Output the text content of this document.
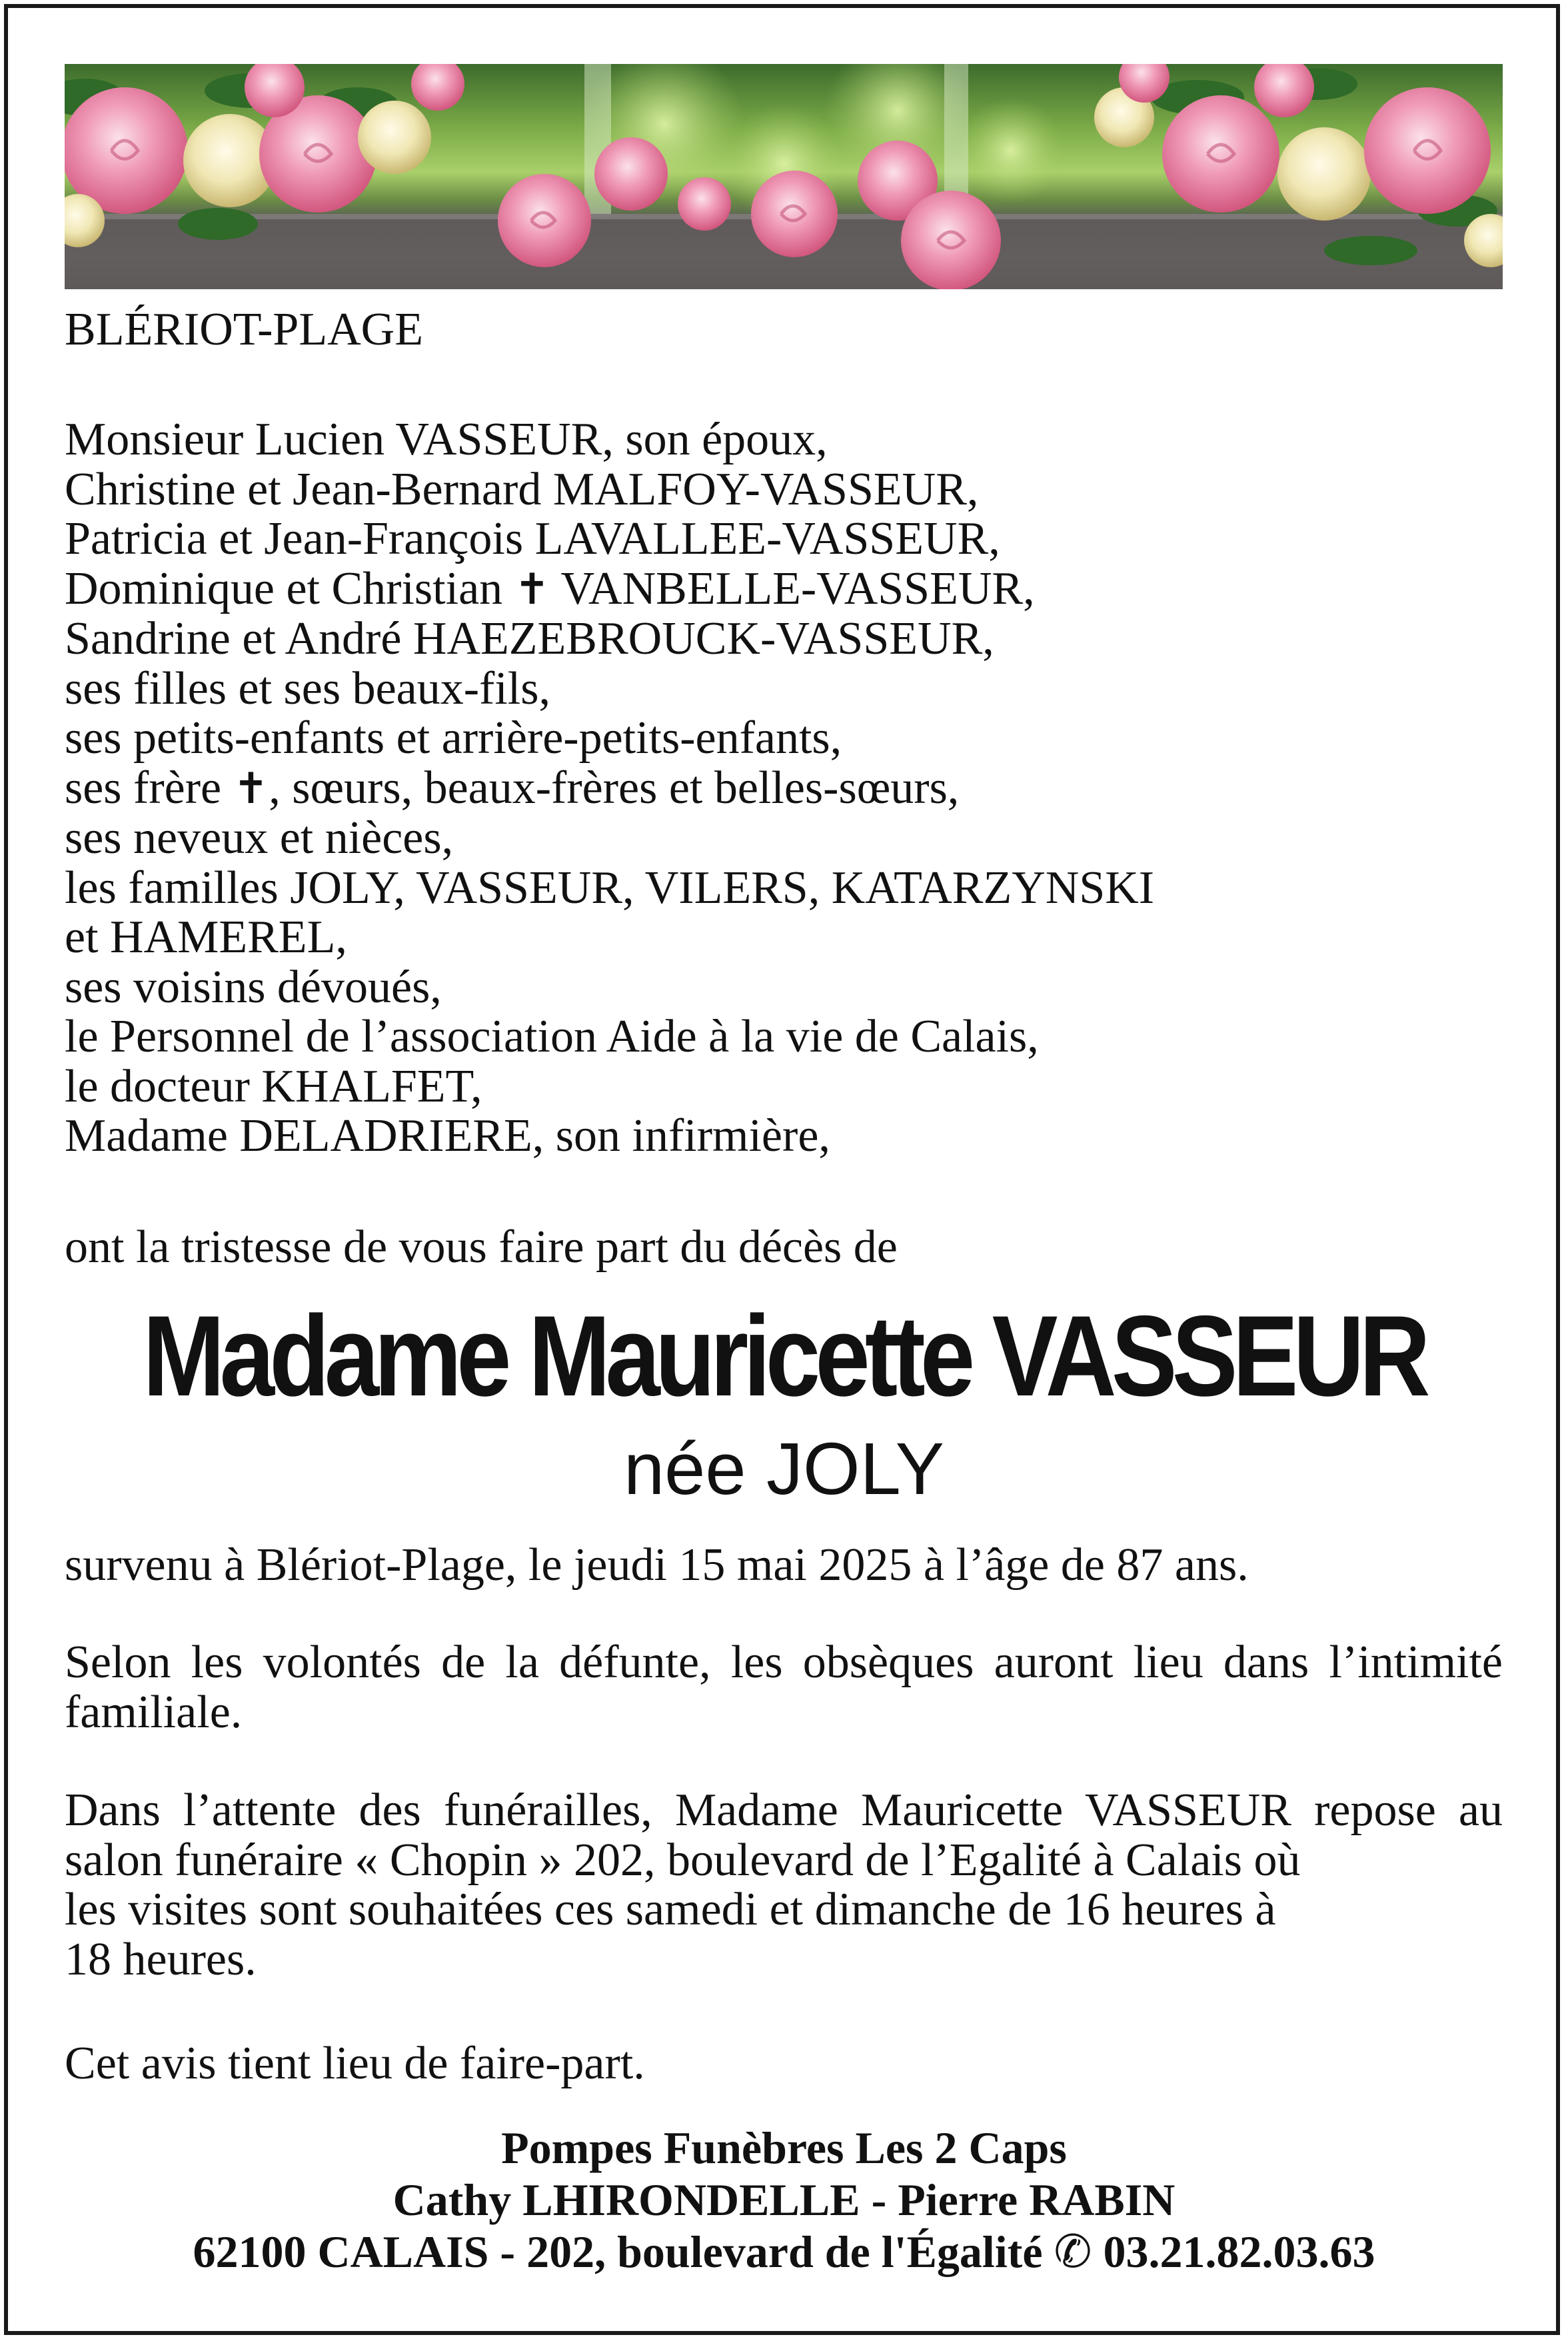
BLÉRIOT-PLAGE
Monsieur Lucien VASSEUR, son époux,
Christine et Jean-Bernard MALFOY-VASSEUR,
Patricia et Jean-François LAVALLEE-VASSEUR,
Dominique et Christian ✝ VANBELLE-VASSEUR,
Sandrine et André HAEZEBROUCK-VASSEUR,
ses filles et ses beaux-fils,
ses petits-enfants et arrière-petits-enfants,
ses frère ✝, sœurs, beaux-frères et belles-sœurs,
ses neveux et nièces,
les familles JOLY, VASSEUR, VILERS, KATARZYNSKI
et HAMEREL,
ses voisins dévoués,
le Personnel de l’association Aide à la vie de Calais,
le docteur KHALFET,
Madame DELADRIERE, son infirmière,
ont la tristesse de vous faire part du décès de
Madame Mauricette VASSEUR
née JOLY

survenu à Blériot-Plage, le jeudi 15 mai 2025 à l’âge de 87 ans.

Selon les volontés de la défunte, les obsèques auront lieu dans l’intimité familiale.

Dans l’attente des funérailles, Madame Mauricette VASSEUR repose au salon funéraire « Chopin » 202, boulevard de l’Egalité à Calais où
les visites sont souhaitées ces samedi et dimanche de 16 heures à
18 heures.

Cet avis tient lieu de faire-part.

Pompes Funèbres Les 2 Caps
Cathy LHIRONDELLE - Pierre RABIN
62100 CALAIS - 202, boulevard de l'Égalité ✆ 03.21.82.03.63
